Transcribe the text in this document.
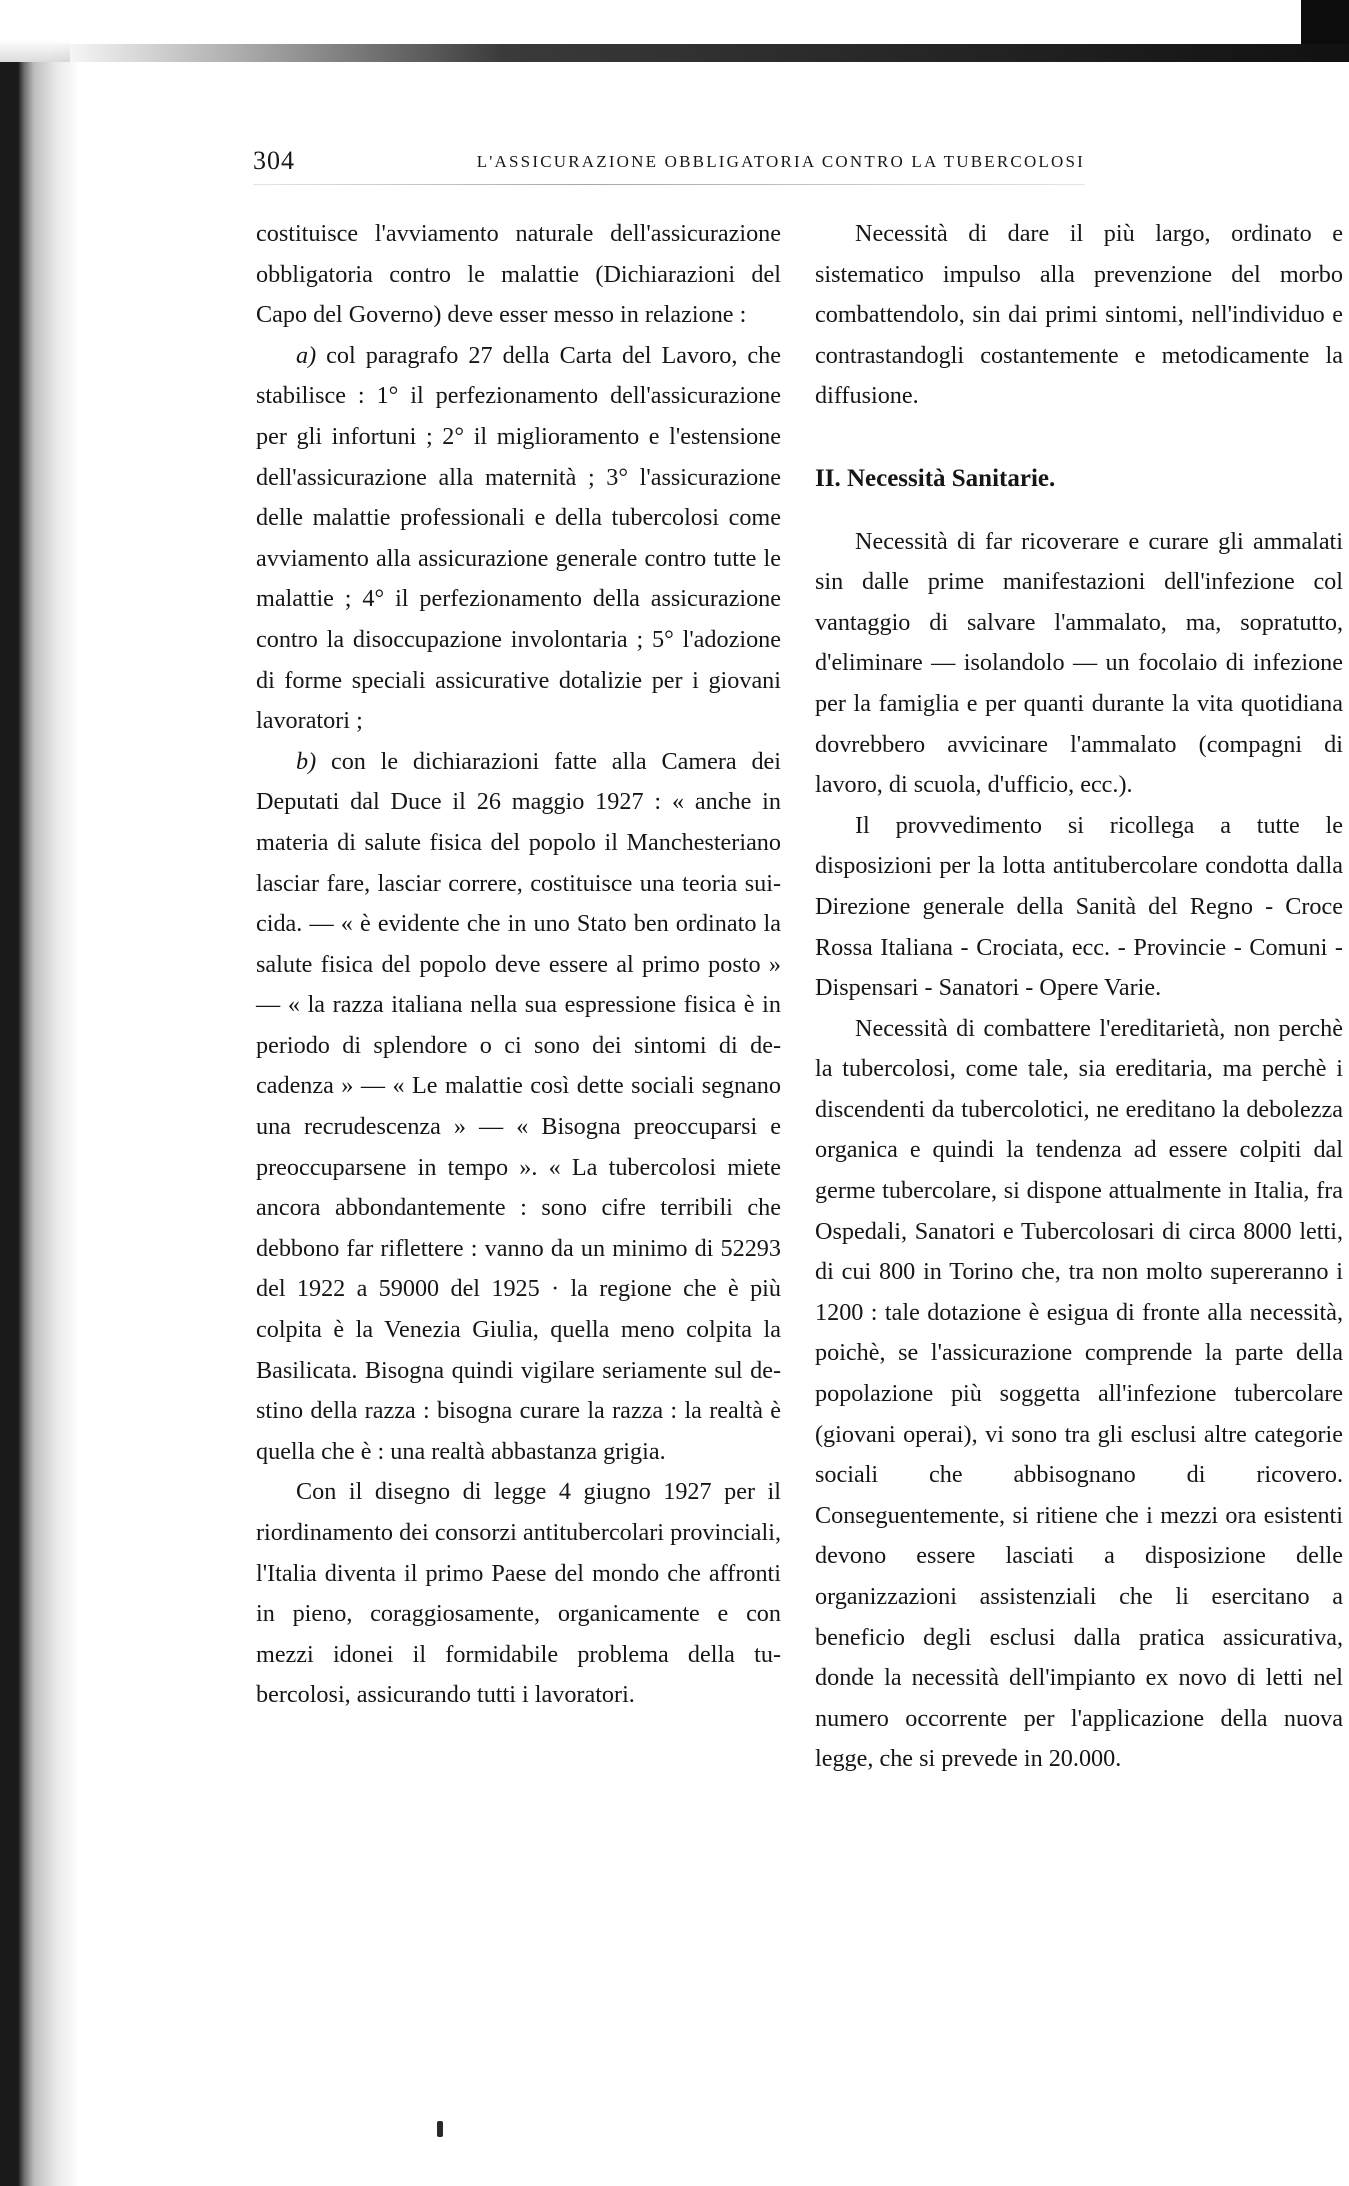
304	L'ASSICURAZIONE OBBLIGATORIA CONTRO LA TUBERCOLOSI

costituisce l'avviamento naturale dell'assicurazione obbligatoria contro le malattie (Dichiarazioni del Capo del Governo) deve esser messo in relazione :

a) col paragrafo 27 della Carta del Lavoro, che stabilisce : 1° il perfezionamento dell'assicurazione per gli infortuni ; 2° il miglioramento e l'estensione dell'assicurazione alla maternità ; 3° l'assicurazione delle malattie professionali e della tubercolosi come avviamento alla assicurazione generale contro tutte le malattie ; 4° il perfezionamento della assicurazione contro la disoccupazione involontaria ; 5° l'adozione di forme speciali assicurative dotalizie per i giovani lavoratori ;

b) con le dichiarazioni fatte alla Camera dei Deputati dal Duce il 26 maggio 1927 : « anche in materia di salute fisica del popolo il Manchesteriano lasciar fare, lasciar correre, costituisce una teoria suicida. — « è evidente che in uno Stato ben ordinato la salute fisica del popolo deve essere al primo posto » — « la razza italiana nella sua espressione fisica è in periodo di splendore o ci sono dei sintomi di decadenza » — « Le malattie così dette sociali segnano una recrudescenza » — « Bisogna preoccuparsi e preoccuparsene in tempo ». « La tubercolosi miete ancora abbondantemente : sono cifre terribili che debbono far riflettere : vanno da un minimo di 52293 del 1922 a 59000 del 1925 · la regione che è più colpita è la Venezia Giulia, quella meno colpita la Basilicata. Bisogna quindi vigilare seriamente sul destino della razza : bisogna curare la razza : la realtà è quella che è : una realtà abbastanza grigia.

Con il disegno di legge 4 giugno 1927 per il riordinamento dei consorzi antitubercolari provinciali, l'Italia diventa il primo Paese del mondo che affronti in pieno, coraggiosamente, organicamente e con mezzi idonei il formidabile problema della tubercolosi, assicurando tutti i lavoratori.

Necessità di dare il più largo, ordinato e sistematico impulso alla prevenzione del morbo combattendolo, sin dai primi sintomi, nell'individuo e contrastandogli costantemente e metodicamente la diffusione.

II. Necessità Sanitarie.

Necessità di far ricoverare e curare gli ammalati sin dalle prime manifestazioni dell'infezione col vantaggio di salvare l'ammalato, ma, sopratutto, d'eliminare — isolandolo — un focolaio di infezione per la famiglia e per quanti durante la vita quotidiana dovrebbero avvicinare l'ammalato (compagni di lavoro, di scuola, d'ufficio, ecc.).

Il provvedimento si ricollega a tutte le disposizioni per la lotta antitubercolare condotta dalla Direzione generale della Sanità del Regno - Croce Rossa Italiana - Crociata, ecc. - Provincie - Comuni - Dispensari - Sanatori - Opere Varie.

Necessità di combattere l'ereditarietà, non perchè la tubercolosi, come tale, sia ereditaria, ma perchè i discendenti da tubercolotici, ne ereditano la debolezza organica e quindi la tendenza ad essere colpiti dal germe tubercolare, si dispone attualmente in Italia, fra Ospedali, Sanatori e Tubercolosari di circa 8000 letti, di cui 800 in Torino che, tra non molto supereranno i 1200 : tale dotazione è esigua di fronte alla necessità, poichè, se l'assicurazione comprende la parte della popolazione più soggetta all'infezione tubercolare (giovani operai), vi sono tra gli esclusi altre categorie sociali che abbisognano di ricovero. Conseguentemente, si ritiene che i mezzi ora esistenti devono essere lasciati a disposizione delle organizzazioni assistenziali che li esercitano a beneficio degli esclusi dalla pratica assicurativa, donde la necessità dell'impianto ex novo di letti nel numero occorrente per l'applicazione della nuova legge, che si prevede in 20.000.
